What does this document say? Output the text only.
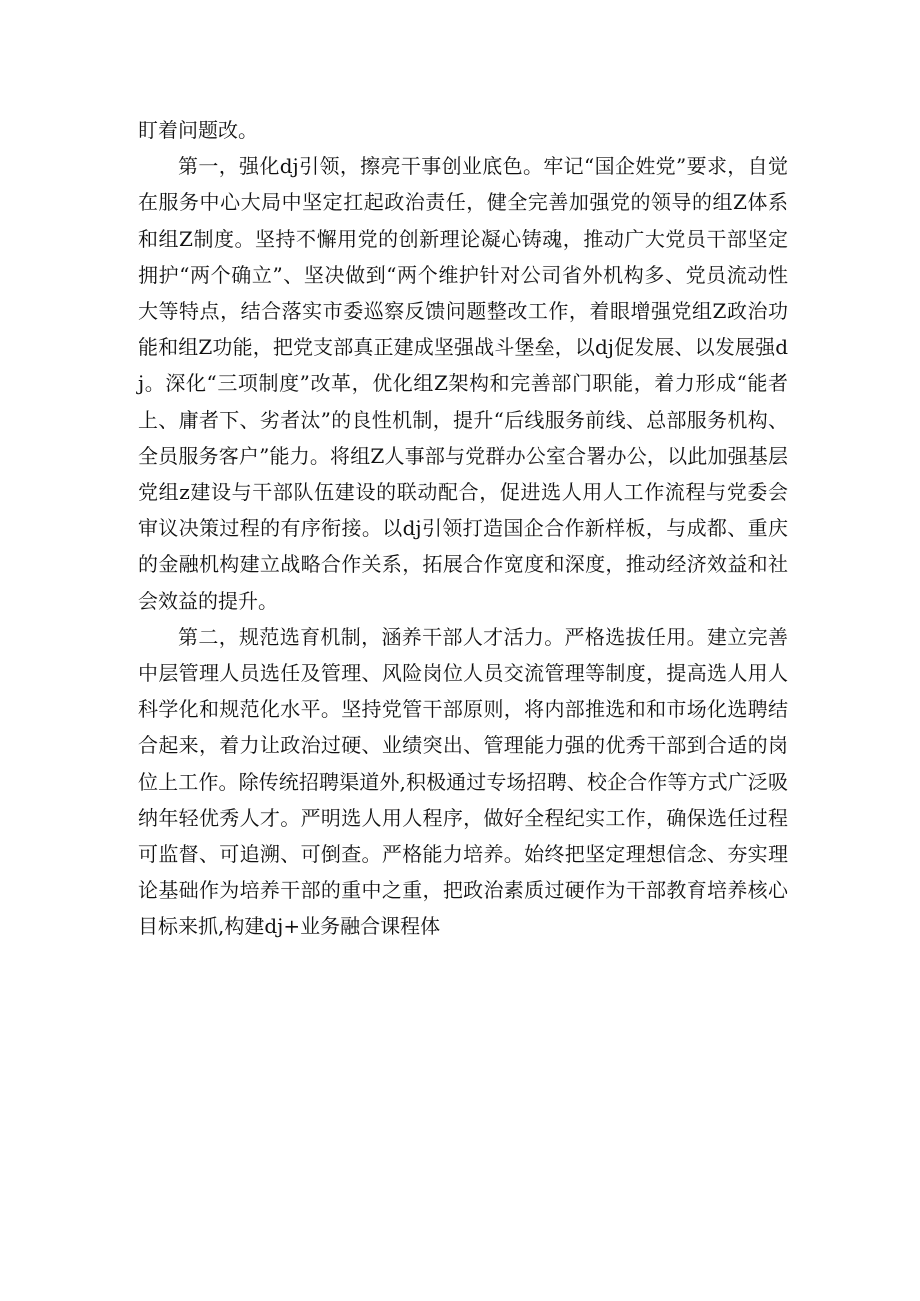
盯着问题改。

第一，强化dj引领，擦亮干事创业底色。牢记“国企姓党”要求，自觉在服务中心大局中坚定扛起政治责任，健全完善加强党的领导的组Z体系和组Z制度。坚持不懈用党的创新理论凝心铸魂，推动广大党员干部坚定拥护“两个确立”、坚决做到“两个维护针对公司省外机构多、党员流动性大等特点，结合落实市委巡察反馈问题整改工作，着眼增强党组Z政治功能和组Z功能，把党支部真正建成坚强战斗堡垒，以dj促发展、以发展强dj。深化“三项制度”改革，优化组Z架构和完善部门职能，着力形成“能者上、庸者下、劣者汰”的良性机制，提升“后线服务前线、总部服务机构、全员服务客户”能力。将组Z人事部与党群办公室合署办公，以此加强基层党组z建设与干部队伍建设的联动配合，促进选人用人工作流程与党委会审议决策过程的有序衔接。以dj引领打造国企合作新样板，与成都、重庆的金融机构建立战略合作关系，拓展合作宽度和深度，推动经济效益和社会效益的提升。

第二，规范选育机制，涵养干部人才活力。严格选拔任用。建立完善中层管理人员选任及管理、风险岗位人员交流管理等制度，提高选人用人科学化和规范化水平。坚持党管干部原则，将内部推选和和市场化选聘结合起来，着力让政治过硬、业绩突出、管理能力强的优秀干部到合适的岗位上工作。除传统招聘渠道外,积极通过专场招聘、校企合作等方式广泛吸纳年轻优秀人才。严明选人用人程序，做好全程纪实工作，确保选任过程可监督、可追溯、可倒查。严格能力培养。始终把坚定理想信念、夯实理论基础作为培养干部的重中之重，把政治素质过硬作为干部教育培养核心目标来抓,构建dj+业务融合课程体
